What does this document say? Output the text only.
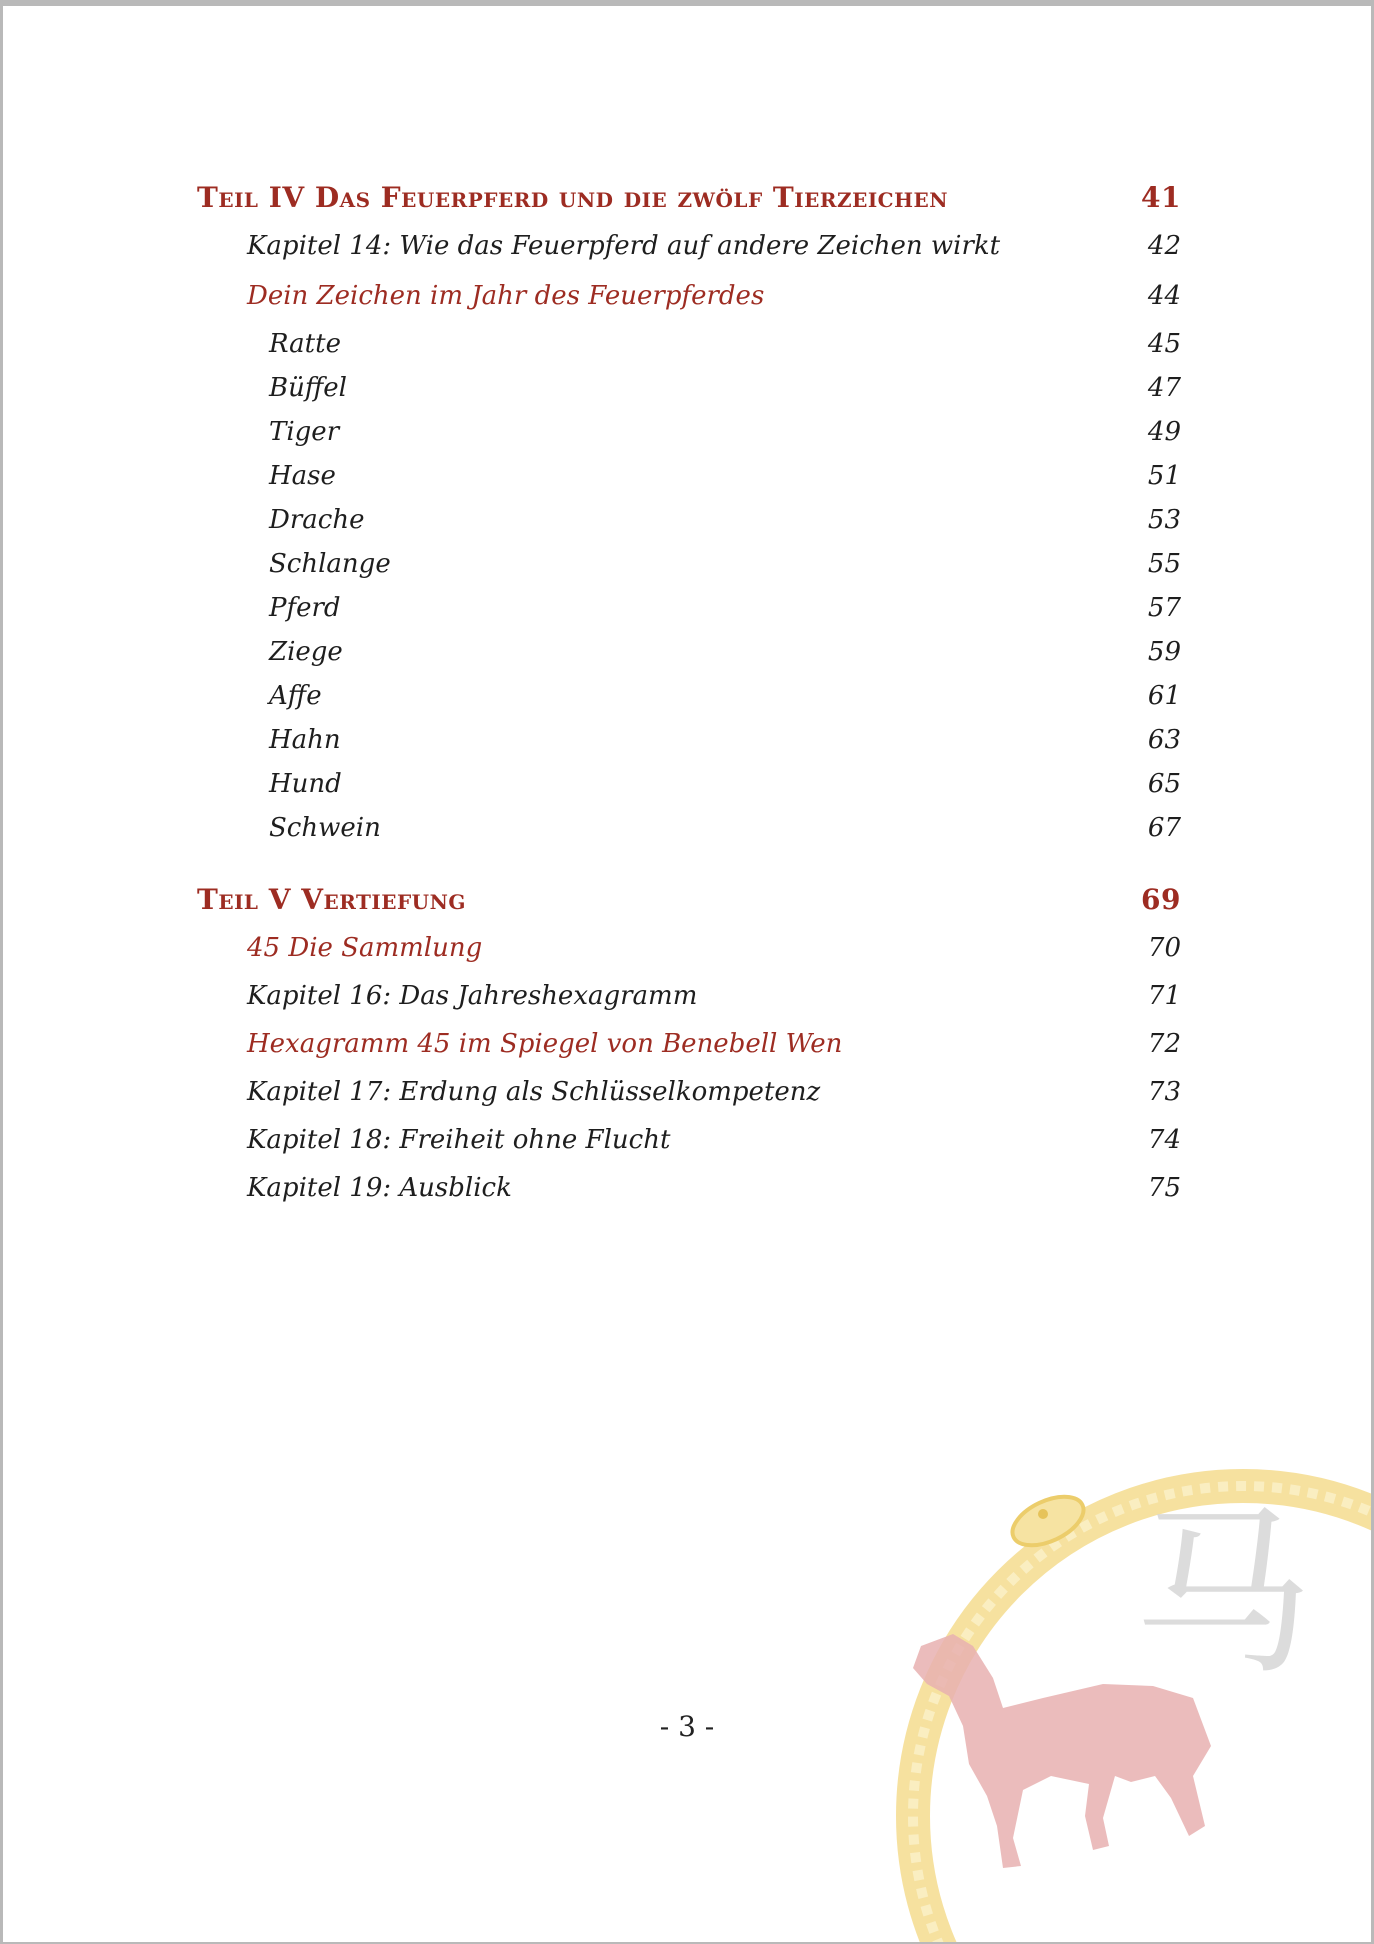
Teil IV Das Feuerpferd und die zwölf Tierzeichen	41
Kapitel 14: Wie das Feuerpferd auf andere Zeichen wirkt	42
Dein Zeichen im Jahr des Feuerpferdes	44
Ratte	45
Büffel	47
Tiger	49
Hase	51
Drache	53
Schlange	55
Pferd	57
Ziege	59
Affe	61
Hahn	63
Hund	65
Schwein	67
Teil V Vertiefung	69
45 Die Sammlung	70
Kapitel 16: Das Jahreshexagramm	71
Hexagramm 45 im Spiegel von Benebell Wen	72
Kapitel 17: Erdung als Schlüsselkompetenz	73
Kapitel 18: Freiheit ohne Flucht	74
Kapitel 19: Ausblick	75
- 3 -
马
